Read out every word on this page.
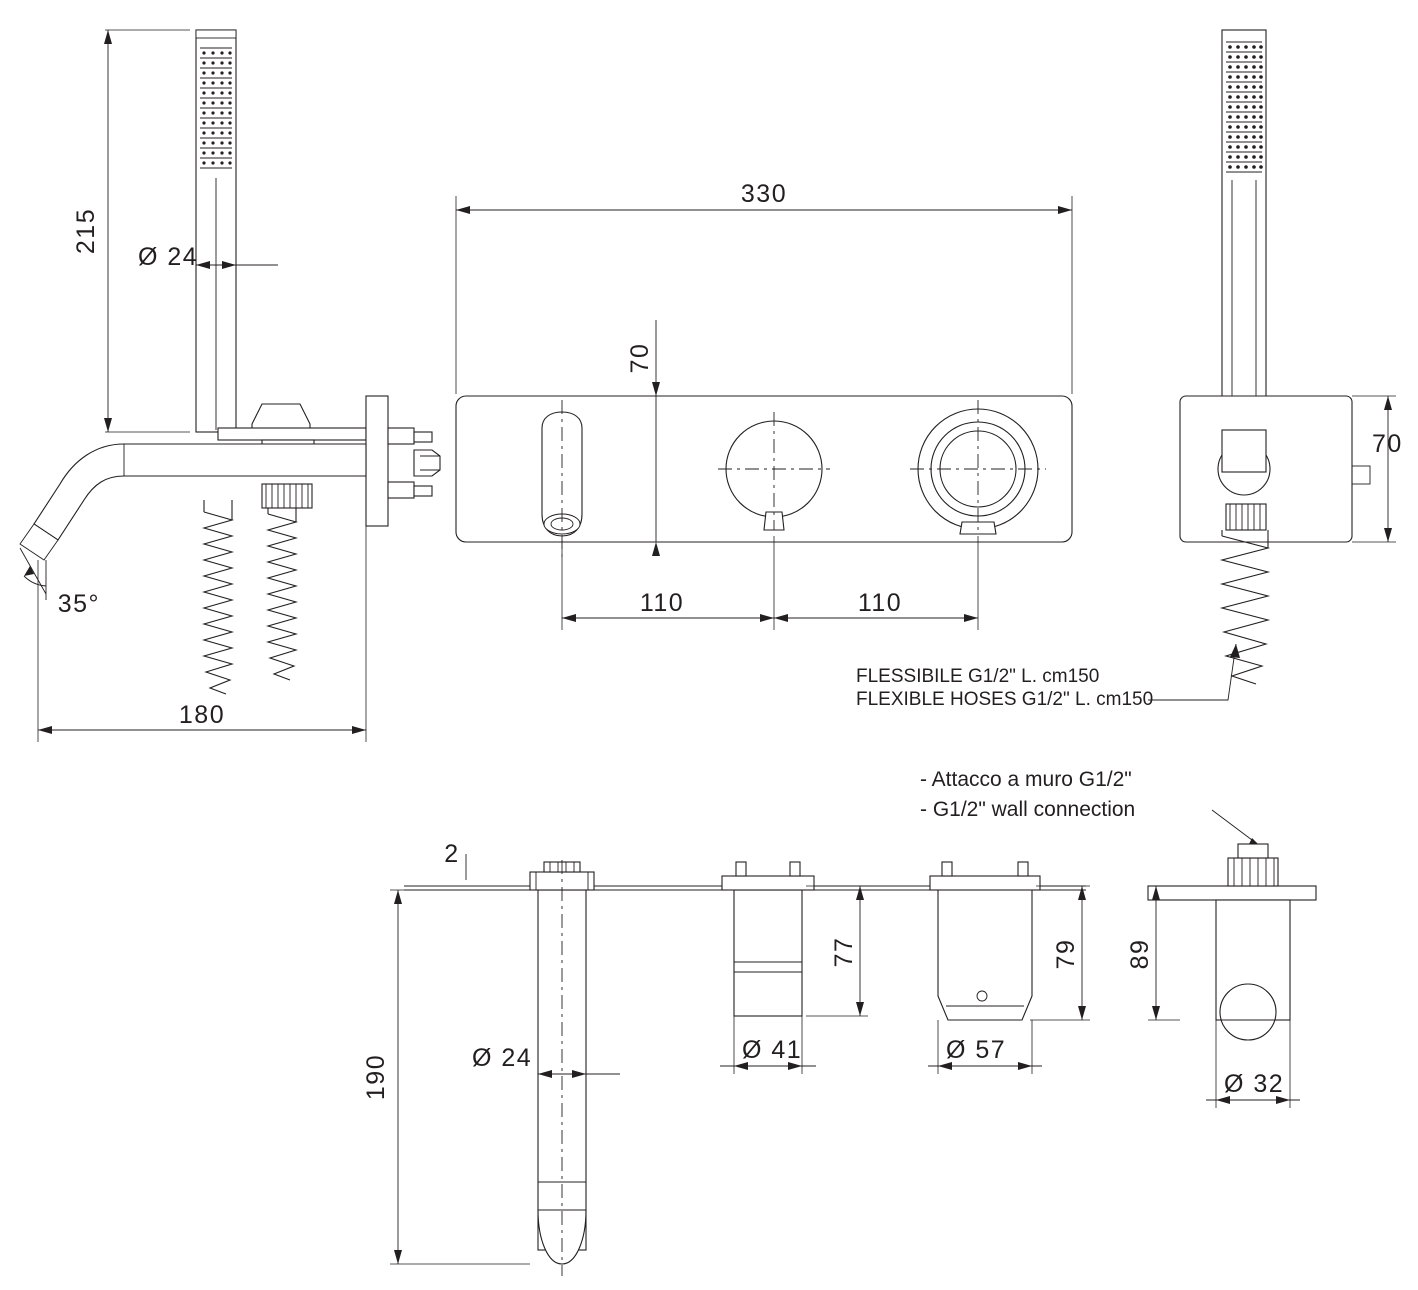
215
Ø 24
35°
180
330
70
110	110
70
FLESSIBILE G1/2" L. cm150
FLEXIBLE HOSES G1/2" L. cm150
- Attacco a muro G1/2"
- G1/2" wall connection
2
190	Ø 24
77
Ø 41
79
Ø 57
89
Ø 32
